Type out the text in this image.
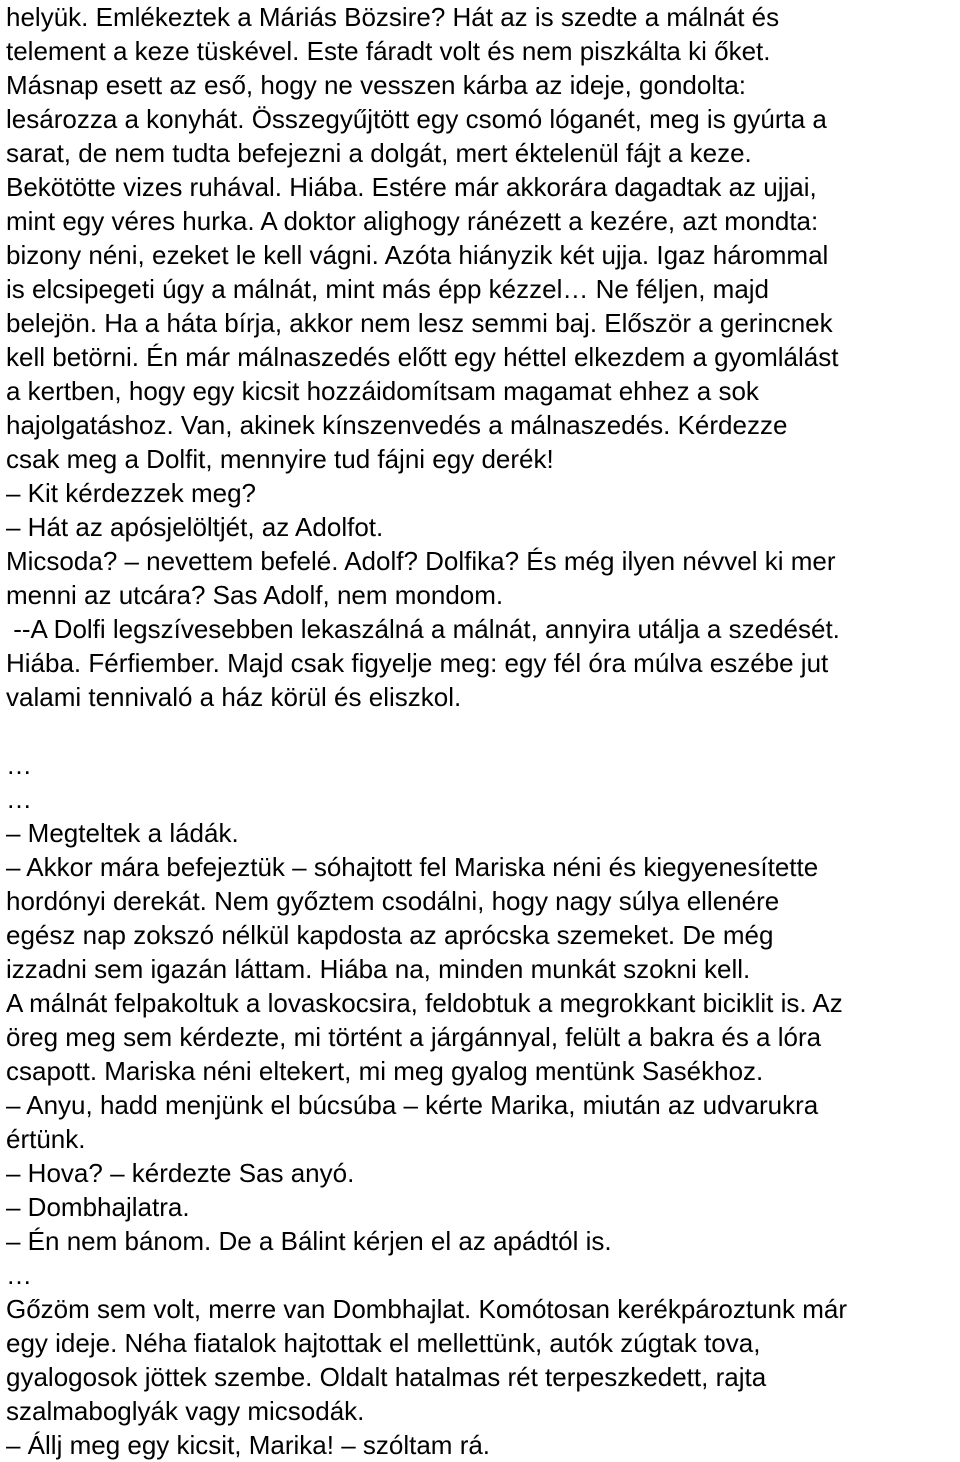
helyük. Emlékeztek a Máriás Bözsire? Hát az is szedte a málnát és
telement a keze tüskével. Este fáradt volt és nem piszkálta ki őket.
Másnap esett az eső, hogy ne vesszen kárba az ideje, gondolta:
lesározza a konyhát. Összegyűjtött egy csomó lóganét, meg is gyúrta a
sarat, de nem tudta befejezni a dolgát, mert éktelenül fájt a keze.
Bekötötte vizes ruhával. Hiába. Estére már akkorára dagadtak az ujjai,
mint egy véres hurka. A doktor alighogy ránézett a kezére, azt mondta:
bizony néni, ezeket le kell vágni. Azóta hiányzik két ujja. Igaz hárommal
is elcsipegeti úgy a málnát, mint más épp kézzel… Ne féljen, majd
belejön. Ha a háta bírja, akkor nem lesz semmi baj. Először a gerincnek
kell betörni. Én már málnaszedés előtt egy héttel elkezdem a gyomlálást
a kertben, hogy egy kicsit hozzáidomítsam magamat ehhez a sok
hajolgatáshoz. Van, akinek kínszenvedés a málnaszedés. Kérdezze
csak meg a Dolfit, mennyire tud fájni egy derék!
– Kit kérdezzek meg?
– Hát az apósjelöltjét, az Adolfot.
Micsoda? – nevettem befelé. Adolf? Dolfika? És még ilyen névvel ki mer
menni az utcára? Sas Adolf, nem mondom.
--A Dolfi legszívesebben lekaszálná a málnát, annyira utálja a szedését.
Hiába. Férfiember. Majd csak figyelje meg: egy fél óra múlva eszébe jut
valami tennivaló a ház körül és eliszkol.
…
…
– Megteltek a ládák.
– Akkor mára befejeztük – sóhajtott fel Mariska néni és kiegyenesítette
hordónyi derekát. Nem győztem csodálni, hogy nagy súlya ellenére
egész nap zokszó nélkül kapdosta az aprócska szemeket. De még
izzadni sem igazán láttam. Hiába na, minden munkát szokni kell.
A málnát felpakoltuk a lovaskocsira, feldobtuk a megrokkant biciklit is. Az
öreg meg sem kérdezte, mi történt a járgánnyal, felült a bakra és a lóra
csapott. Mariska néni eltekert, mi meg gyalog mentünk Sasékhoz.
– Anyu, hadd menjünk el búcsúba – kérte Marika, miután az udvarukra
értünk.
– Hova? – kérdezte Sas anyó.
– Dombhajlatra.
– Én nem bánom. De a Bálint kérjen el az apádtól is.
…
Gőzöm sem volt, merre van Dombhajlat. Komótosan kerékpároztunk már
egy ideje. Néha fiatalok hajtottak el mellettünk, autók zúgtak tova,
gyalogosok jöttek szembe. Oldalt hatalmas rét terpeszkedett, rajta
szalmaboglyák vagy micsodák.
– Állj meg egy kicsit, Marika! – szóltam rá.
